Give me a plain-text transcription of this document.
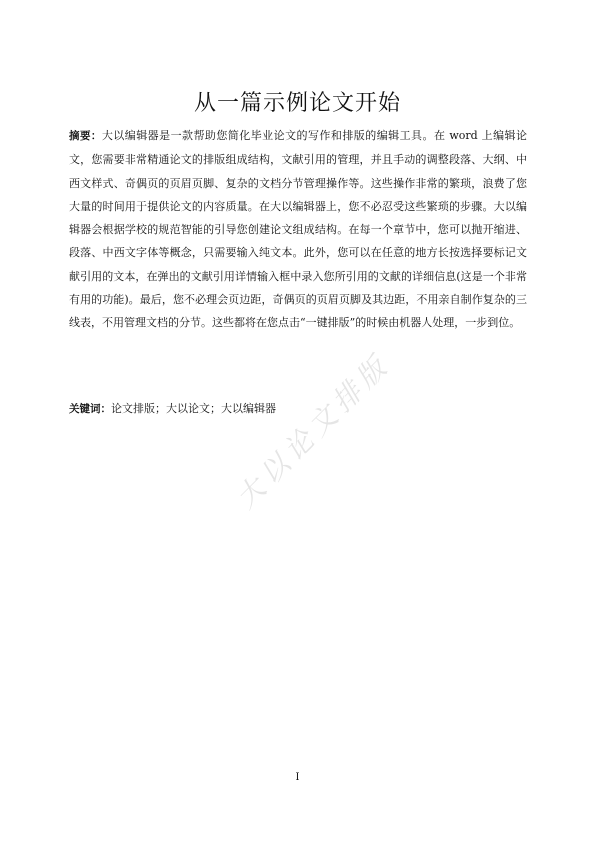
从一篇示例论文开始

摘要：大以编辑器是一款帮助您简化毕业论文的写作和排版的编辑工具。在 word 上编辑论文，您需要非常精通论文的排版组成结构，文献引用的管理，并且手动的调整段落、大纲、中西文样式、奇偶页的页眉页脚、复杂的文档分节管理操作等。这些操作非常的繁琐，浪费了您大量的时间用于提供论文的内容质量。在大以编辑器上，您不必忍受这些繁琐的步骤。大以编辑器会根据学校的规范智能的引导您创建论文组成结构。在每一个章节中，您可以抛开缩进、段落、中西文字体等概念，只需要输入纯文本。此外，您可以在任意的地方长按选择要标记文献引用的文本，在弹出的文献引用详情输入框中录入您所引用的文献的详细信息(这是一个非常有用的功能)。最后，您不必理会页边距，奇偶页的页眉页脚及其边距，不用亲自制作复杂的三线表，不用管理文档的分节。这些都将在您点击“一键排版”的时候由机器人处理，一步到位。

关键词：论文排版；大以论文；大以编辑器

大以论文排版
I
